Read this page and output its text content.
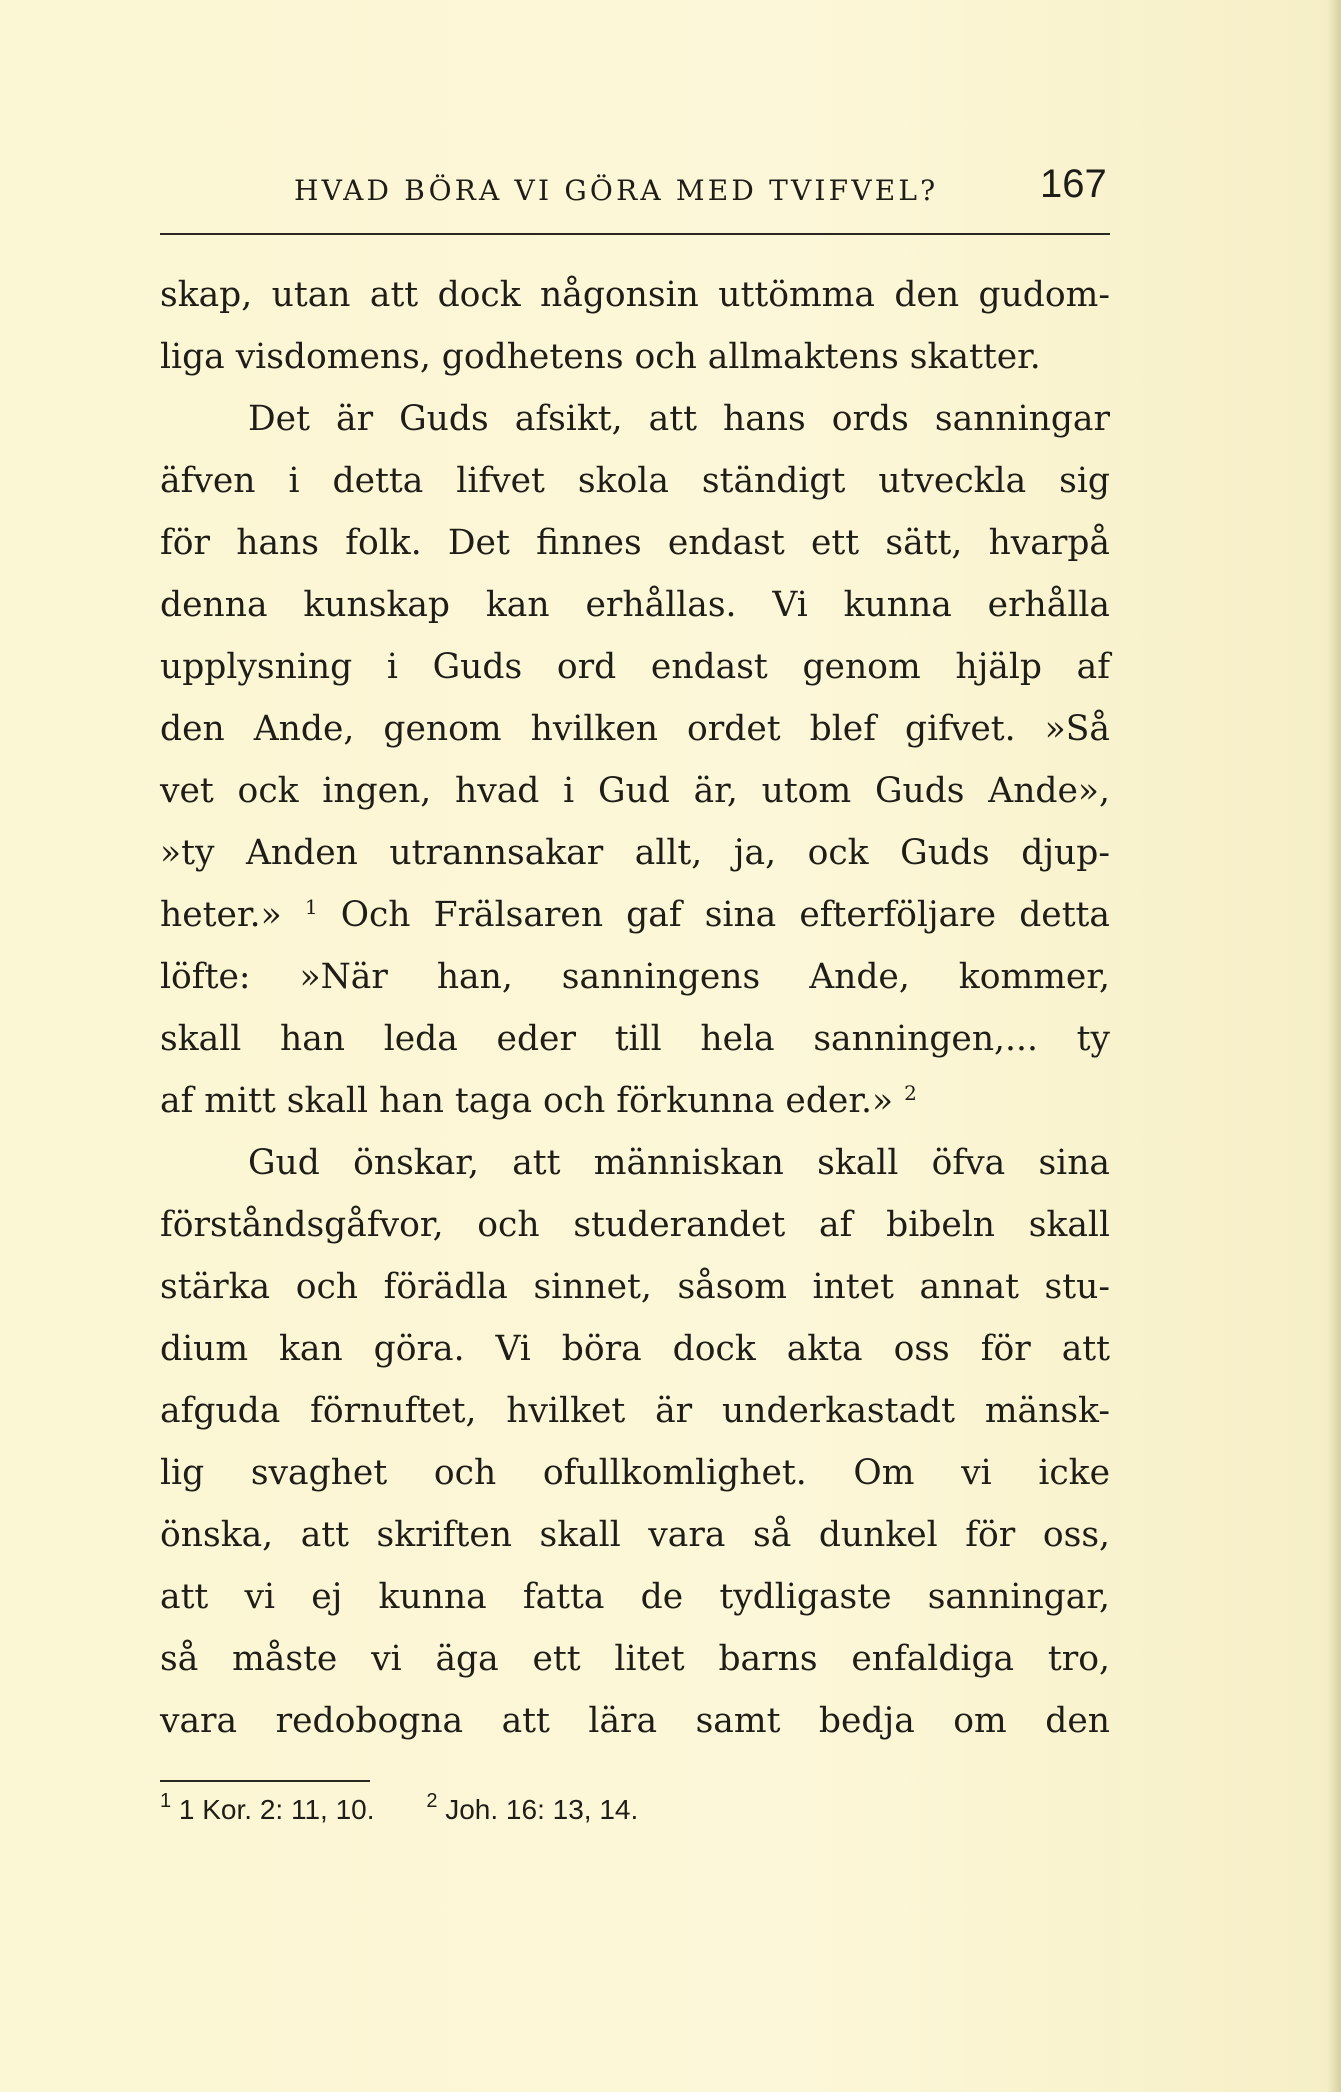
HVAD BÖRA VI GÖRA MED TVIFVEL?	167
skap, utan att dock någonsin uttömma den gudom-
liga visdomens, godhetens och allmaktens skatter.
Det är Guds afsikt, att hans ords sanningar
äfven i detta lifvet skola ständigt utveckla sig
för hans folk. Det finnes endast ett sätt, hvarpå
denna kunskap kan erhållas. Vi kunna erhålla
upplysning i Guds ord endast genom hjälp af
den Ande, genom hvilken ordet blef gifvet. »Så
vet ock ingen, hvad i Gud är, utom Guds Ande»,
»ty Anden utrannsakar allt, ja, ock Guds djup-
heter.» $^1$ Och Frälsaren gaf sina efterföljare detta
löfte: »När han, sanningens Ande, kommer,
skall han leda eder till hela sanningen,... ty
af mitt skall han taga och förkunna eder.» $^2$
Gud önskar, att människan skall öfva sina
förståndsgåfvor, och studerandet af bibeln skall
stärka och förädla sinnet, såsom intet annat stu-
dium kan göra. Vi böra dock akta oss för att
afguda förnuftet, hvilket är underkastadt mänsk-
lig svaghet och ofullkomlighet. Om vi icke
önska, att skriften skall vara så dunkel för oss,
att vi ej kunna fatta de tydligaste sanningar,
så måste vi äga ett litet barns enfaldiga tro,
vara redobogna att lära samt bedja om den
$^1$ 1 Kor. 2: 11, 10.	$^2$ Joh. 16: 13, 14.
